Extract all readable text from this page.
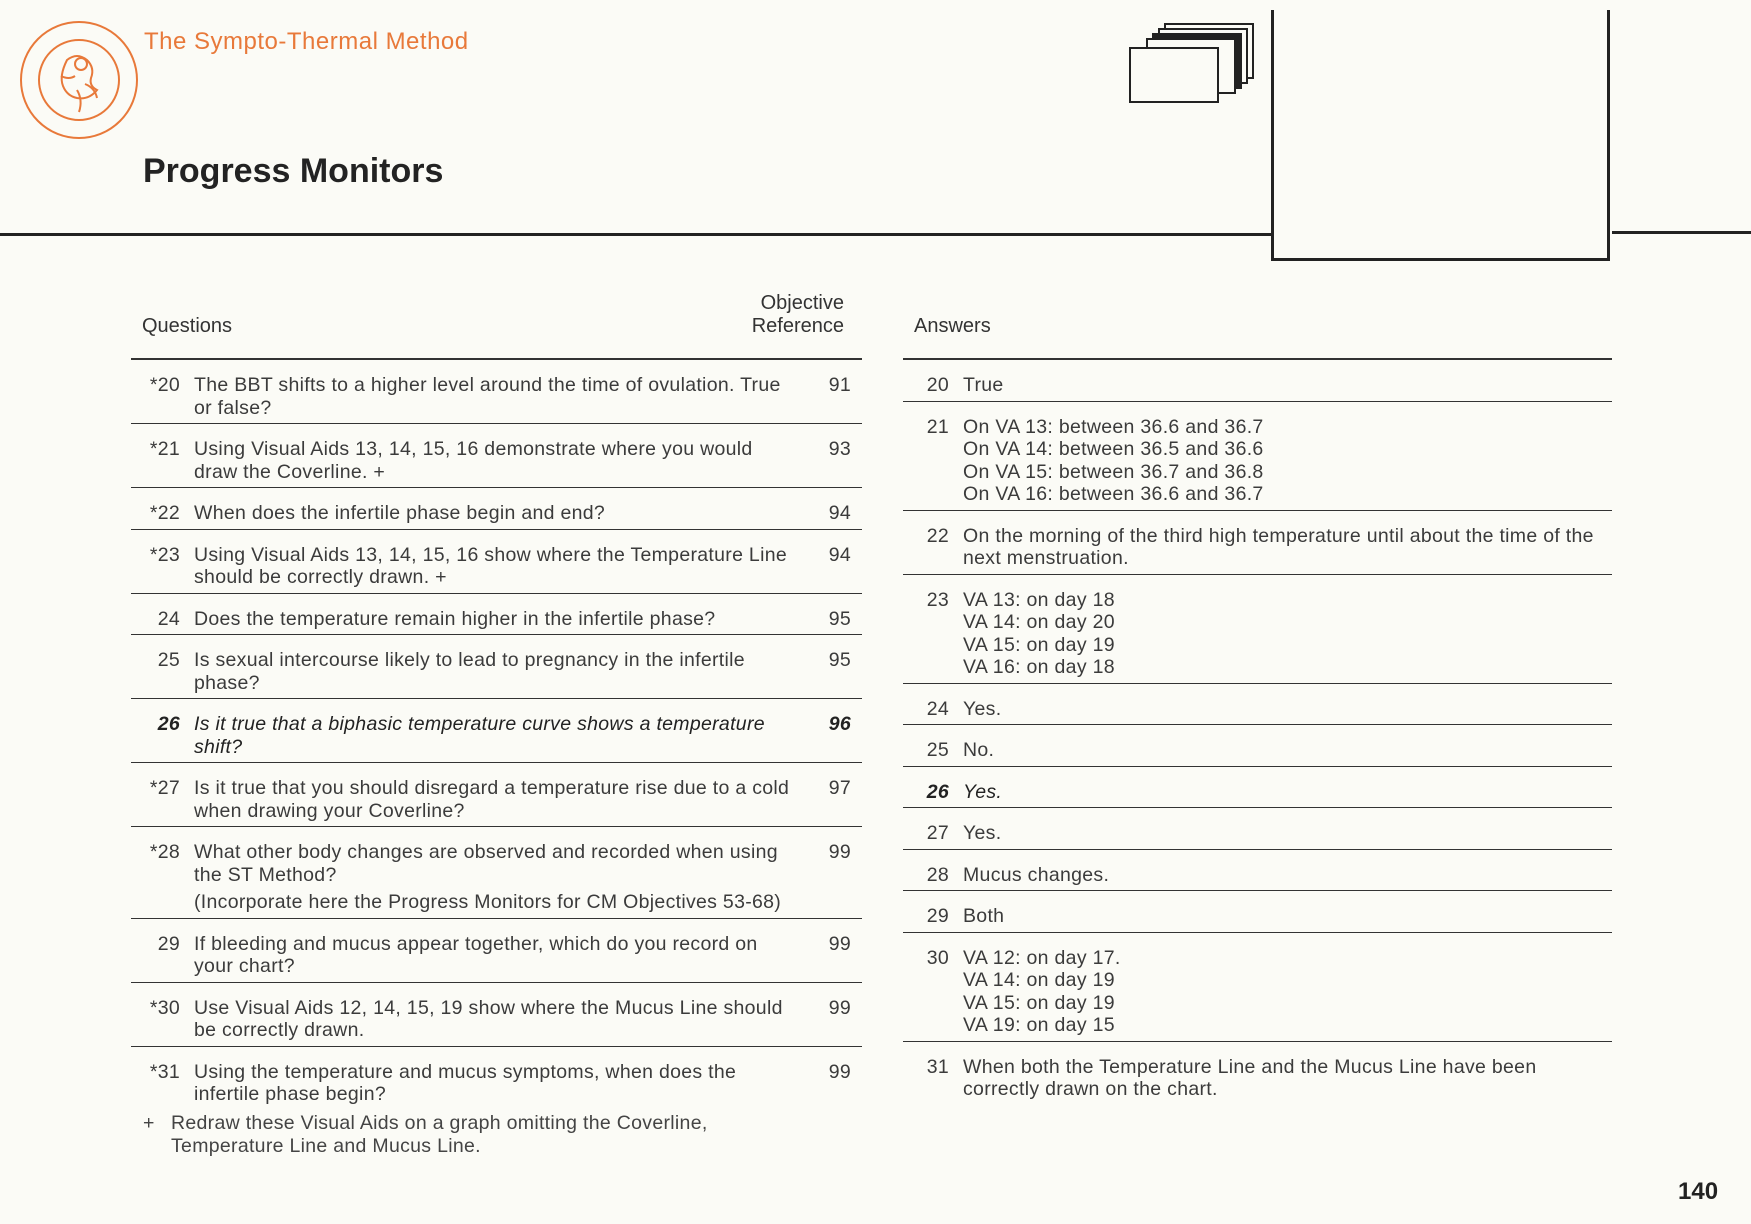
The Sympto-Thermal Method
Progress Monitors
Questions
Objective
Reference
*20 The BBT shifts to a higher level around the time of ovulation. True or false?
91
*21 Using Visual Aids 13, 14, 15, 16 demonstrate where you would draw the Coverline. +
93
*22 When does the infertile phase begin and end?	94
*23 Using Visual Aids 13, 14, 15, 16 show where the Temperature Line should be correctly drawn. +
94
24 Does the temperature remain higher in the infertile phase?	95
25 Is sexual intercourse likely to lead to pregnancy in the infertile phase?
95
26 Is it true that a biphasic temperature curve shows a temperature shift?
96
*27 Is it true that you should disregard a temperature rise due to a cold when drawing your Coverline?
97
*28 What other body changes are observed and recorded when using the ST Method?
(Incorporate here the Progress Monitors for CM Objectives 53-68)
99
29 If bleeding and mucus appear together, which do you record on your chart?
99
*30 Use Visual Aids 12, 14, 15, 19 show where the Mucus Line should be correctly drawn.
99
*31 Using the temperature and mucus symptoms, when does the infertile phase begin?
99
Answers
20 True
21 On VA 13: between 36.6 and 36.7
On VA 14: between 36.5 and 36.6
On VA 15: between 36.7 and 36.8
On VA 16: between 36.6 and 36.7
22 On the morning of the third high temperature until about the time of the next menstruation.
23 VA 13: on day 18
VA 14: on day 20
VA 15: on day 19
VA 16: on day 18
24 Yes.
25 No.
26 Yes.
27 Yes.
28 Mucus changes.
29 Both
30 VA 12: on day 17.
VA 14: on day 19
VA 15: on day 19
VA 19: on day 15
31 When both the Temperature Line and the Mucus Line have been correctly drawn on the chart.
+ Redraw these Visual Aids on a graph omitting the Coverline,
Temperature Line and Mucus Line.
140
